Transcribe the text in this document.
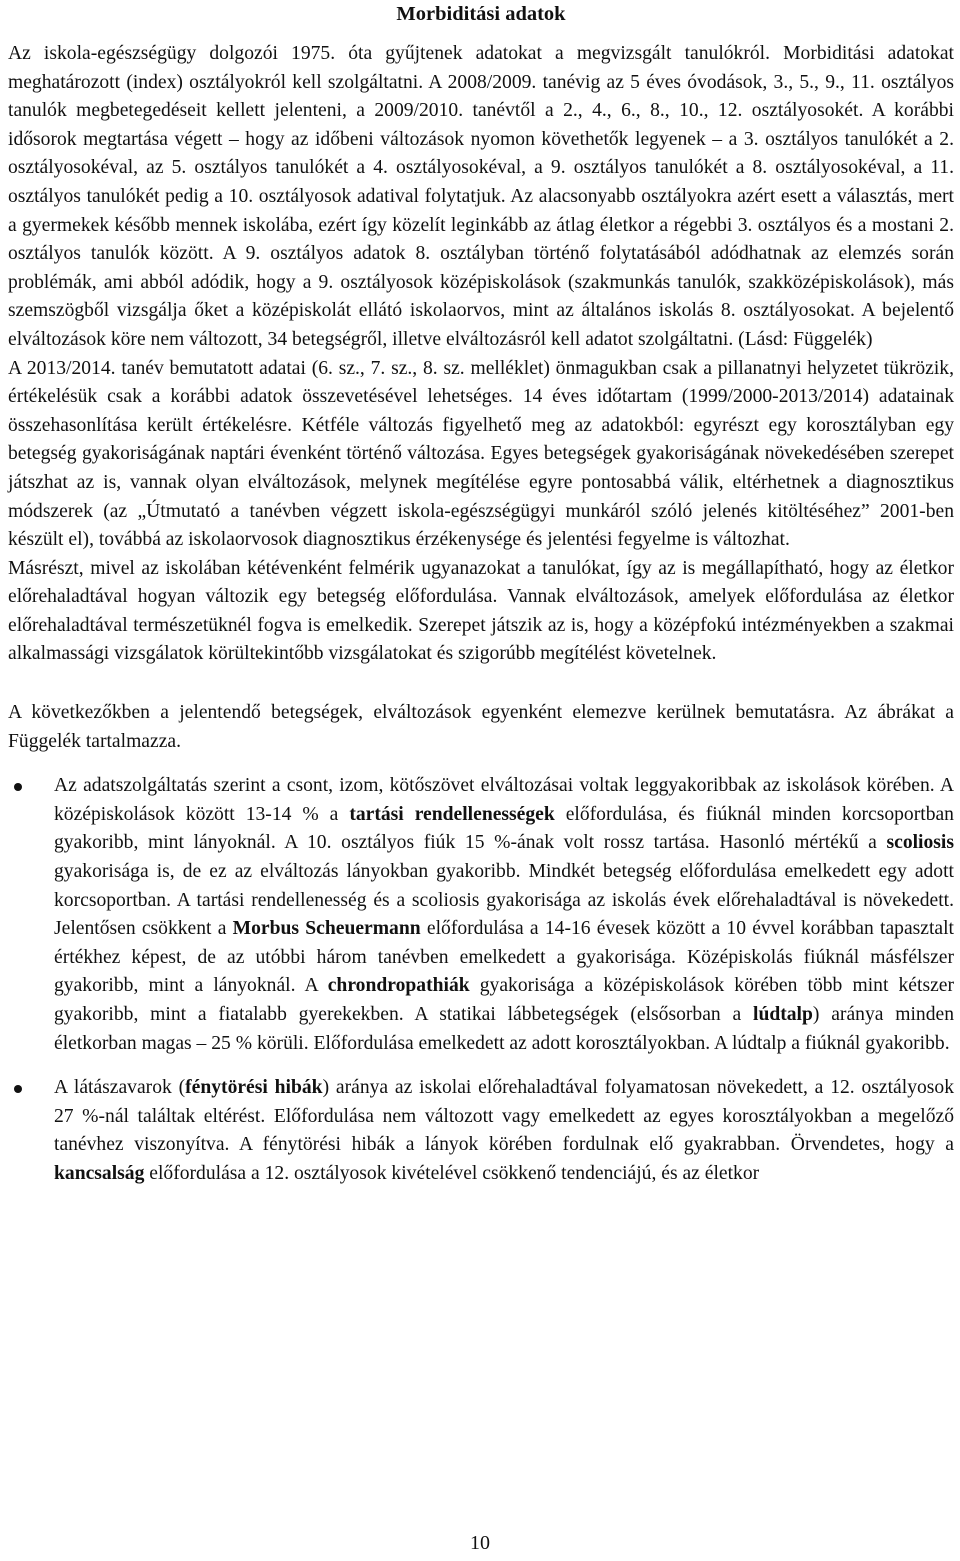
Morbiditási adatok

Az iskola-egészségügy dolgozói 1975. óta gyűjtenek adatokat a megvizsgált tanulókról. Morbiditási adatokat meghatározott (index) osztályokról kell szolgáltatni. A 2008/2009. tanévig az 5 éves óvodások, 3., 5., 9., 11. osztályos tanulók megbetegedéseit kellett jelenteni, a 2009/2010. tanévtől a 2., 4., 6., 8., 10., 12. osztályosokét. A korábbi idősorok megtartása végett – hogy az időbeni változások nyomon követhetők legyenek – a 3. osztályos tanulókét a 2. osztályosokéval, az 5. osztályos tanulókét a 4. osztályosokéval, a 9. osztályos tanulókét a 8. osztályosokéval, a 11. osztályos tanulókét pedig a 10. osztályosok adatival folytatjuk. Az alacsonyabb osztályokra azért esett a választás, mert a gyermekek később mennek iskolába, ezért így közelít leginkább az átlag életkor a régebbi 3. osztályos és a mostani 2. osztályos tanulók között. A 9. osztályos adatok 8. osztályban történő folytatásából adódhatnak az elemzés során problémák, ami abból adódik, hogy a 9. osztályosok középiskolások (szakmunkás tanulók, szakközépiskolások), más szemszögből vizsgálja őket a középiskolát ellátó iskolaorvos, mint az általános iskolás 8. osztályosokat. A bejelentő elváltozások köre nem változott, 34 betegségről, illetve elváltozásról kell adatot szolgáltatni. (Lásd: Függelék)

A 2013/2014. tanév bemutatott adatai (6. sz., 7. sz., 8. sz. melléklet) önmagukban csak a pillanatnyi helyzetet tükrözik, értékelésük csak a korábbi adatok összevetésével lehetséges. 14 éves időtartam (1999/2000-2013/2014) adatainak összehasonlítása került értékelésre. Kétféle változás figyelhető meg az adatokból: egyrészt egy korosztályban egy betegség gyakoriságának naptári évenként történő változása. Egyes betegségek gyakoriságának növekedésében szerepet játszhat az is, vannak olyan elváltozások, melynek megítélése egyre pontosabbá válik, eltérhetnek a diagnosztikus módszerek (az „Útmutató a tanévben végzett iskola-egészségügyi munkáról szóló jelenés kitöltéséhez” 2001-ben készült el), továbbá az iskolaorvosok diagnosztikus érzékenysége és jelentési fegyelme is változhat.

Másrészt, mivel az iskolában kétévenként felmérik ugyanazokat a tanulókat, így az is megállapítható, hogy az életkor előrehaladtával hogyan változik egy betegség előfordulása. Vannak elváltozások, amelyek előfordulása az életkor előrehaladtával természetüknél fogva is emelkedik. Szerepet játszik az is, hogy a középfokú intézményekben a szakmai alkalmassági vizsgálatok körültekintőbb vizsgálatokat és szigorúbb megítélést követelnek.

A következőkben a jelentendő betegségek, elváltozások egyenként elemezve kerülnek bemutatásra. Az ábrákat a Függelék tartalmazza.

Az adatszolgáltatás szerint a csont, izom, kötőszövet elváltozásai voltak leggyakoribbak az iskolások körében. A középiskolások között 13-14 % a tartási rendellenességek előfordulása, és fiúknál minden korcsoportban gyakoribb, mint lányoknál. A 10. osztályos fiúk 15 %-ának volt rossz tartása. Hasonló mértékű a scoliosis gyakorisága is, de ez az elváltozás lányokban gyakoribb. Mindkét betegség előfordulása emelkedett egy adott korcsoportban. A tartási rendellenesség és a scoliosis gyakorisága az iskolás évek előrehaladtával is növekedett. Jelentősen csökkent a Morbus Scheuermann előfordulása a 14-16 évesek között a 10 évvel korábban tapasztalt értékhez képest, de az utóbbi három tanévben emelkedett a gyakorisága. Középiskolás fiúknál másfélszer gyakoribb, mint a lányoknál. A chrondropathiák gyakorisága a középiskolások körében több mint kétszer gyakoribb, mint a fiatalabb gyerekekben. A statikai lábbetegségek (elsősorban a lúdtalp) aránya minden életkorban magas – 25 % körüli. Előfordulása emelkedett az adott korosztályokban. A lúdtalp a fiúknál gyakoribb.
A látászavarok (fénytörési hibák) aránya az iskolai előrehaladtával folyamatosan növekedett, a 12. osztályosok 27 %-nál találtak eltérést. Előfordulása nem változott vagy emelkedett az egyes korosztályokban a megelőző tanévhez viszonyítva. A fénytörési hibák a lányok körében fordulnak elő gyakrabban. Örvendetes, hogy a kancsalság előfordulása a 12. osztályosok kivételével csökkenő tendenciájú, és az életkor
10
